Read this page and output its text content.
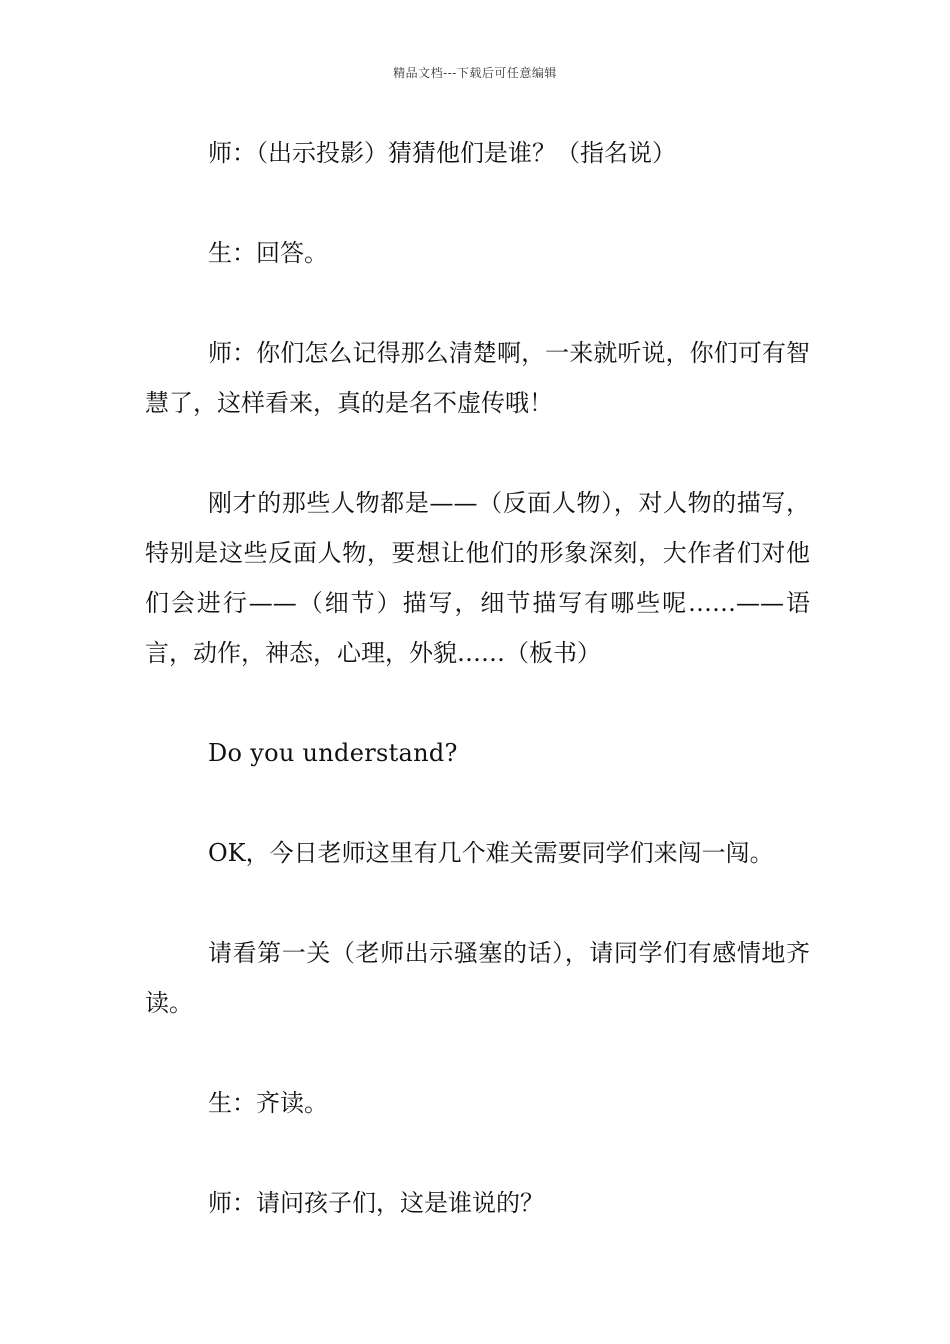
精品文档---下载后可任意编辑

师：（出示投影）猜猜他们是谁？（指名说）

生：回答。

师：你们怎么记得那么清楚啊，一来就听说，你们可有智慧了，这样看来，真的是名不虚传哦！

刚才的那些人物都是——（反面人物），对人物的描写，特别是这些反面人物，要想让他们的形象深刻，大作者们对他们会进行——（细节）描写，细节描写有哪些呢……——语言，动作，神态，心理，外貌……（板书）

Do you understand?

OK，今日老师这里有几个难关需要同学们来闯一闯。

请看第一关（老师出示骚塞的话），请同学们有感情地齐读。

生：齐读。

师：请问孩子们，这是谁说的？
